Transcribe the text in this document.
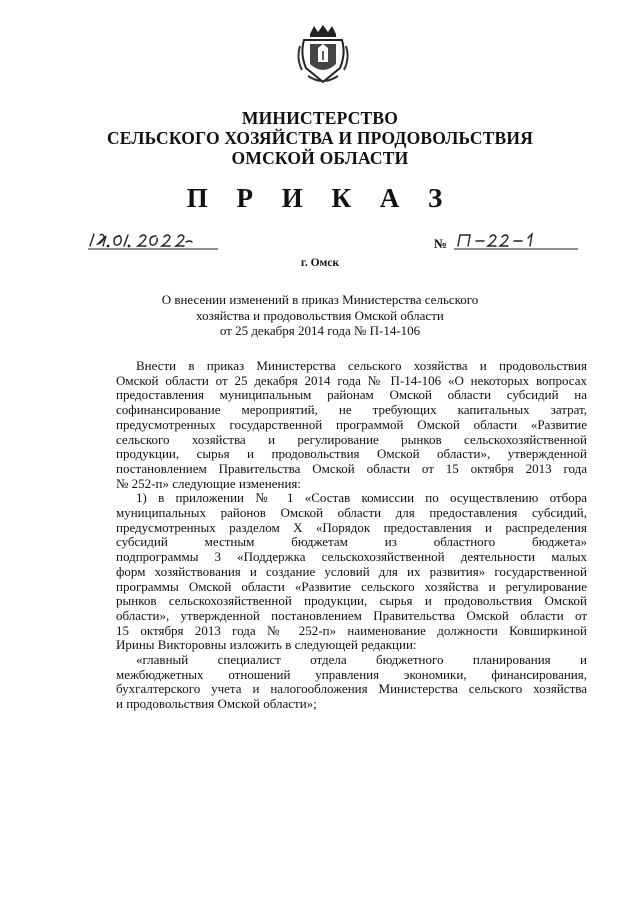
МИНИСТЕРСТВО
СЕЛЬСКОГО ХОЗЯЙСТВА И ПРОДОВОЛЬСТВИЯ
ОМСКОЙ ОБЛАСТИ
П Р И К А З
№
г. Омск
О внесении изменений в приказ Министерства сельского
хозяйства и продовольствия Омской области
от 25 декабря 2014 года № П-14-106
Внести в приказ Министерства сельского хозяйства и продовольствия
Омской области от 25 декабря 2014 года № П-14-106 «О некоторых вопросах
предоставления муниципальным районам Омской области субсидий на
софинансирование мероприятий, не требующих капитальных затрат,
предусмотренных государственной программой Омской области «Развитие
сельского хозяйства и регулирование рынков сельскохозяйственной
продукции, сырья и продовольствия Омской области», утвержденной
постановлением Правительства Омской области от 15 октября 2013 года
№ 252-п» следующие изменения:
1) в приложении № 1 «Состав комиссии по осуществлению отбора
муниципальных районов Омской области для предоставления субсидий,
предусмотренных разделом X «Порядок предоставления и распределения
субсидий местным бюджетам из областного бюджета»
подпрограммы 3 «Поддержка сельскохозяйственной деятельности малых
форм хозяйствования и создание условий для их развития» государственной
программы Омской области «Развитие сельского хозяйства и регулирование
рынков сельскохозяйственной продукции, сырья и продовольствия Омской
области», утвержденной постановлением Правительства Омской области от
15 октября 2013 года № 252-п» наименование должности Ковширкиной
Ирины Викторовны изложить в следующей редакции:
«главный специалист отдела бюджетного планирования и
межбюджетных отношений управления экономики, финансирования,
бухгалтерского учета и налогообложения Министерства сельского хозяйства
и продовольствия Омской области»;
